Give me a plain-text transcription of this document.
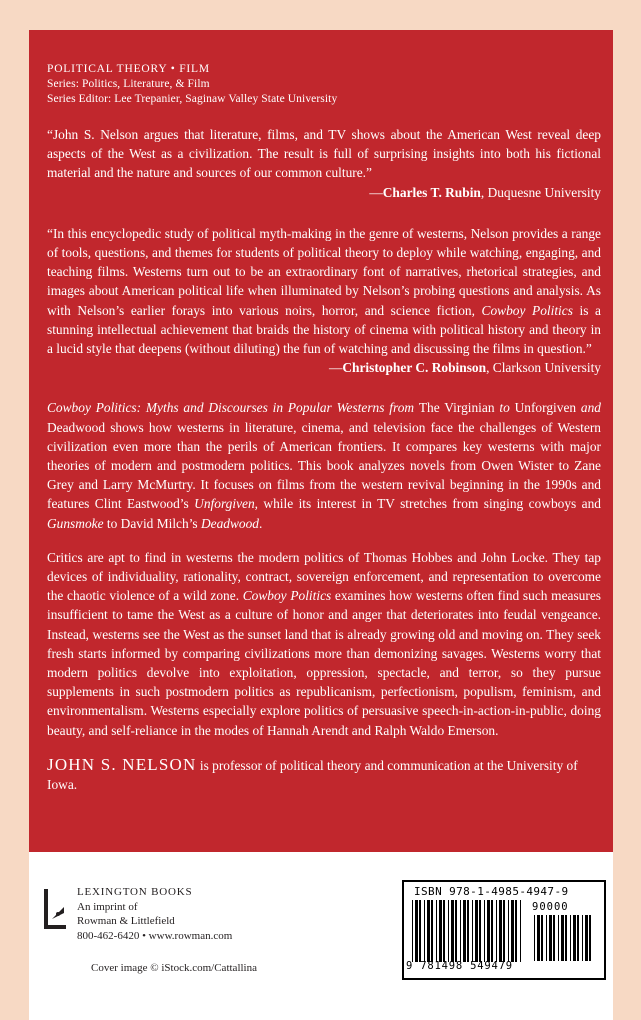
POLITICAL THEORY • FILM
Series: Politics, Literature, & Film
Series Editor: Lee Trepanier, Saginaw Valley State University

“John S. Nelson argues that literature, films, and TV shows about the American West reveal deep aspects of the West as a civilization. The result is full of surprising insights into both his fictional material and the nature and sources of our common culture.”

—Charles T. Rubin, Duquesne University

“In this encyclopedic study of political myth-making in the genre of westerns, Nelson provides a range of tools, questions, and themes for students of political theory to deploy while watching, engaging, and teaching films. Westerns turn out to be an extraordinary font of narratives, rhetorical strategies, and images about American political life when illuminated by Nelson’s probing questions and analysis. As with Nelson’s earlier forays into various noirs, horror, and science fiction, Cowboy Politics is a stunning intellectual achievement that braids the history of cinema with political history and theory in a lucid style that deepens (without diluting) the fun of watching and discussing the films in question.”

—Christopher C. Robinson, Clarkson University

Cowboy Politics: Myths and Discourses in Popular Westerns from The Virginian to Unforgiven and Deadwood shows how westerns in literature, cinema, and television face the challenges of Western civilization even more than the perils of American frontiers. It compares key westerns with major theories of modern and postmodern politics. This book analyzes novels from Owen Wister to Zane Grey and Larry McMurtry. It focuses on films from the western revival beginning in the 1990s and features Clint Eastwood’s Unforgiven, while its interest in TV stretches from singing cowboys and Gunsmoke to David Milch’s Deadwood.

Critics are apt to find in westerns the modern politics of Thomas Hobbes and John Locke. They tap devices of individuality, rationality, contract, sovereign enforcement, and representation to overcome the chaotic violence of a wild zone. Cowboy Politics examines how westerns often find such measures insufficient to tame the West as a culture of honor and anger that deteriorates into feudal vengeance. Instead, westerns see the West as the sunset land that is already growing old and moving on. They seek fresh starts informed by comparing civilizations more than demonizing savages. Westerns worry that modern politics devolve into exploitation, oppression, spectacle, and terror, so they pursue supplements in such postmodern politics as republicanism, perfectionism, populism, feminism, and environmentalism. Westerns especially explore politics of persuasive speech-in-action-in-public, doing beauty, and self-reliance in the modes of Hannah Arendt and Ralph Waldo Emerson.

JOHN S. NELSON is professor of political theory and communication at the University of Iowa.
LEXINGTON BOOKS
An imprint of
Rowman & Littlefield
800-462-6420 • www.rowman.com
Cover image © iStock.com/Cattallina
ISBN 978-1-4985-4947-9
90000
9 781498 549479
